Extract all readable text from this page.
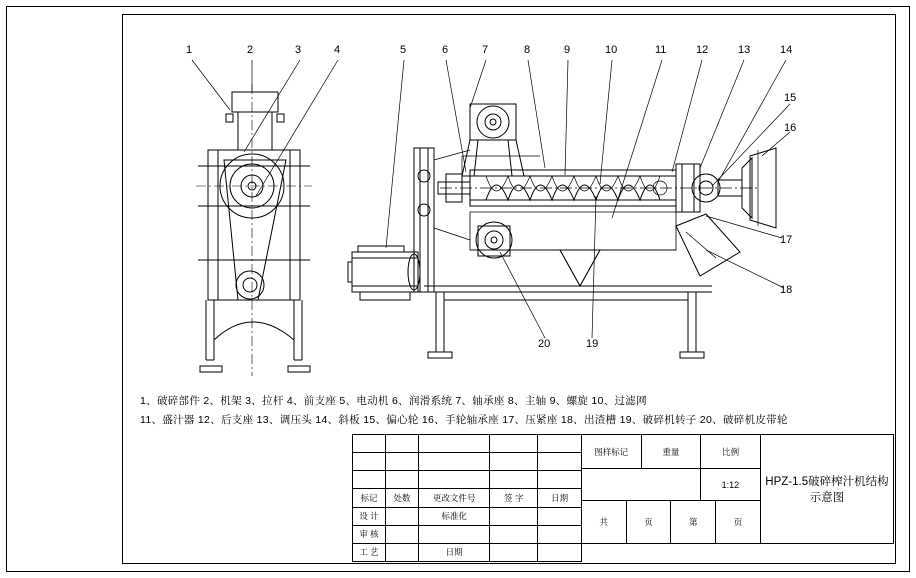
1	2	3	4	5	6	7	8	9	10	11	12	13	14
15
16
17
18
19
20
1、破碎部件 2、机架 3、拉杆 4、前支座 5、电动机 6、润滑系统 7、轴承座 8、主轴 9、螺旋 10、过滤网
11、盛汁器 12、后支座 13、调压头 14、斜板 15、偏心轮 16、手轮轴承座 17、压紧座 18、出渣槽 19、破碎机转子 20、破碎机皮带轮

图样标记	重量	比例
1:12
共	页	第	页
HPZ-1.5破碎榨汁机结构示意图

标记	处数	更改文件号	签 字	日期	
设 计		标准化			
审 核					
工 艺		日期			
